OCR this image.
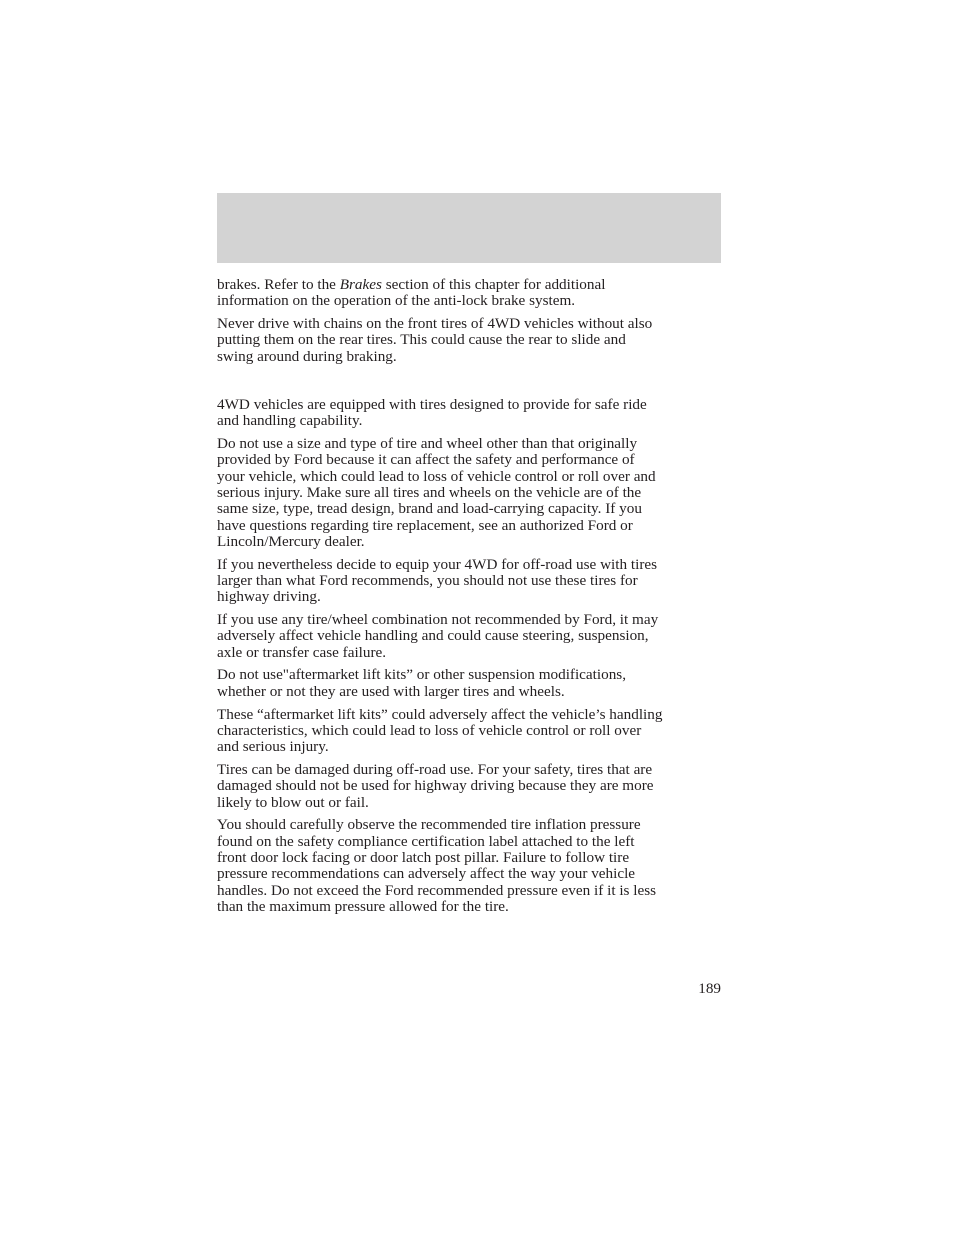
brakes. Refer to the Brakes section of this chapter for additional
information on the operation of the anti-lock brake system.

Never drive with chains on the front tires of 4WD vehicles without also
putting them on the rear tires. This could cause the rear to slide and
swing around during braking.

4WD vehicles are equipped with tires designed to provide for safe ride
and handling capability.

Do not use a size and type of tire and wheel other than that originally
provided by Ford because it can affect the safety and performance of
your vehicle, which could lead to loss of vehicle control or roll over and
serious injury. Make sure all tires and wheels on the vehicle are of the
same size, type, tread design, brand and load-carrying capacity. If you
have questions regarding tire replacement, see an authorized Ford or
Lincoln/Mercury dealer.

If you nevertheless decide to equip your 4WD for off-road use with tires
larger than what Ford recommends, you should not use these tires for
highway driving.

If you use any tire/wheel combination not recommended by Ford, it may
adversely affect vehicle handling and could cause steering, suspension,
axle or transfer case failure.

Do not use"aftermarket lift kits” or other suspension modifications,
whether or not they are used with larger tires and wheels.

These “aftermarket lift kits” could adversely affect the vehicle’s handling
characteristics, which could lead to loss of vehicle control or roll over
and serious injury.

Tires can be damaged during off-road use. For your safety, tires that are
damaged should not be used for highway driving because they are more
likely to blow out or fail.

You should carefully observe the recommended tire inflation pressure
found on the safety compliance certification label attached to the left
front door lock facing or door latch post pillar. Failure to follow tire
pressure recommendations can adversely affect the way your vehicle
handles. Do not exceed the Ford recommended pressure even if it is less
than the maximum pressure allowed for the tire.

189
